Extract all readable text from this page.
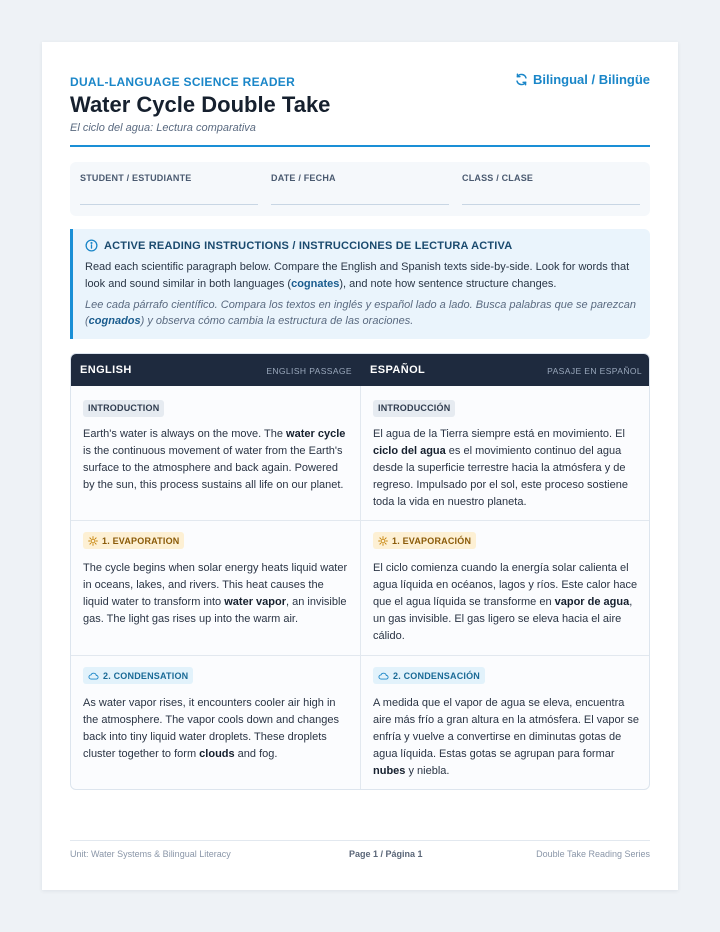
DUAL-LANGUAGE SCIENCE READER
Water Cycle Double Take
El ciclo del agua: Lectura comparativa
Bilingual / Bilingüe
STUDENT / ESTUDIANTE	DATE / FECHA	CLASS / CLASE
ACTIVE READING INSTRUCTIONS / INSTRUCCIONES DE LECTURA ACTIVA
Read each scientific paragraph below. Compare the English and Spanish texts side-by-side. Look for words that look and sound similar in both languages (cognates), and note how sentence structure changes.
Lee cada párrafo científico. Compara los textos en inglés y español lado a lado. Busca palabras que se parezcan (cognados) y observa cómo cambia la estructura de las oraciones.
ENGLISH	ENGLISH PASSAGE ESPAÑOL	PASAJE EN ESPAÑOL
INTRODUCTION
Earth's water is always on the move. The water cycle is the continuous movement of water from the Earth's surface to the atmosphere and back again. Powered by the sun, this process sustains all life on our planet.
INTRODUCCIÓN
El agua de la Tierra siempre está en movimiento. El ciclo del agua es el movimiento continuo del agua desde la superficie terrestre hacia la atmósfera y de regreso. Impulsado por el sol, este proceso sostiene toda la vida en nuestro planeta.
1. EVAPORATION
The cycle begins when solar energy heats liquid water in oceans, lakes, and rivers. This heat causes the liquid water to transform into water vapor, an invisible gas. The light gas rises up into the warm air.
1. EVAPORACIÓN
El ciclo comienza cuando la energía solar calienta el agua líquida en océanos, lagos y ríos. Este calor hace que el agua líquida se transforme en vapor de agua, un gas invisible. El gas ligero se eleva hacia el aire cálido.
2. CONDENSATION
As water vapor rises, it encounters cooler air high in the atmosphere. The vapor cools down and changes back into tiny liquid water droplets. These droplets cluster together to form clouds and fog.
2. CONDENSACIÓN
A medida que el vapor de agua se eleva, encuentra aire más frío a gran altura en la atmósfera. El vapor se enfría y vuelve a convertirse en diminutas gotas de agua líquida. Estas gotas se agrupan para formar nubes y niebla.
Unit: Water Systems & Bilingual Literacy	Page 1 / Página 1	Double Take Reading Series
